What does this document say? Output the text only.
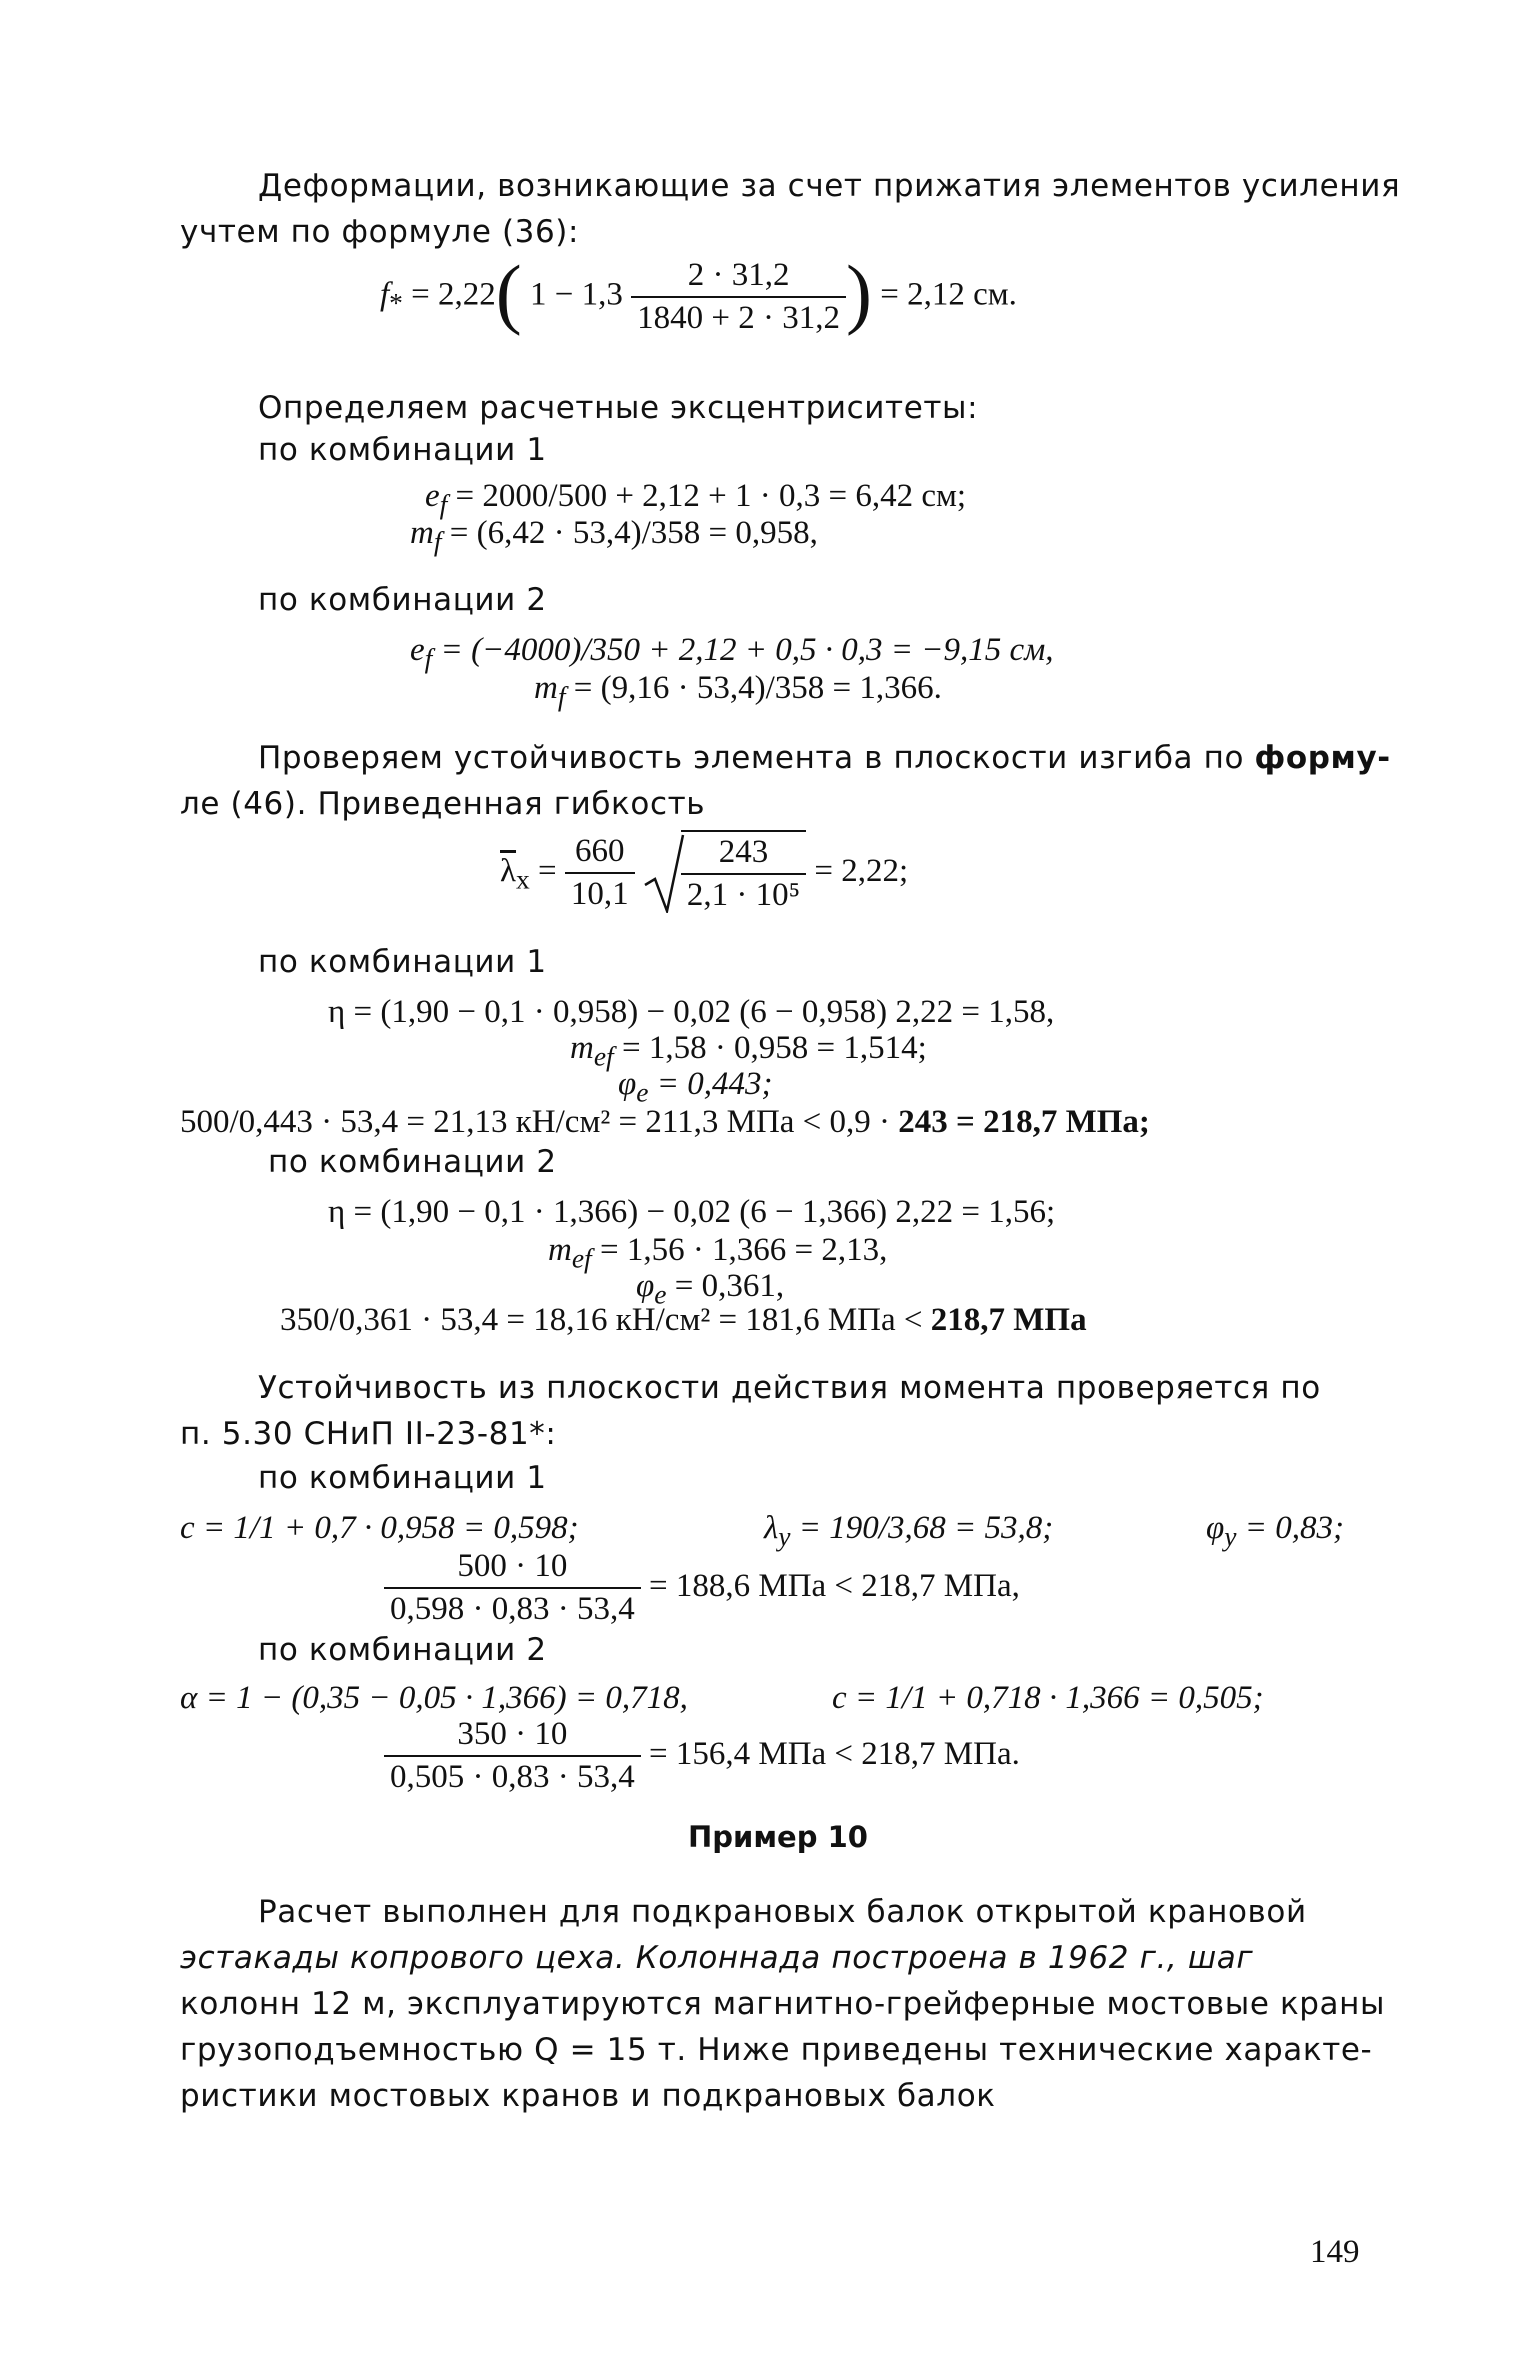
Деформации, возникающие за счет прижатия элементов усиления
учтем по формуле (36):
$f_* = 2,22$( $1 - 1,3 \frac{2 \cdot 31,2}{1840 + 2 \cdot 31,2}$ ) = 2,12 см.
Определяем расчетные эксцентриситеты:
по комбинации 1
$e_f = 2000/500 + 2,12 + 1 \cdot 0,3 = 6,42$ см;
$m_f = (6,42 \cdot 53,4)/358 = 0,958$,
по комбинации 2
$e_f = (-4000)/350 + 2,12 + 0,5 \cdot 0,3 = -9,15$ см,
$m_f = (9,16 \cdot 53,4)/358 = 1,366$.
Проверяем устойчивость элемента в плоскости изгиба по форму-
ле (46). Приведенная гибкость
$\overline{\lambda}_x = \frac{660}{10,1}$
$\frac{243}{\text{2,1 · 10⁵}} = 2,22$;
по комбинации 1
η = (1,90 − 0,1 · 0,958) − 0,02 (6 − 0,958) 2,22 = 1,58,
$m_{ef} = 1,58 \cdot 0,958 = 1,514$;
$\varphi_e = 0,443$;
500/0,443 · 53,4 = 21,13 кН/см² = 211,3 МПа < 0,9 · 243 = 218,7 МПа;
по комбинации 2
η = (1,90 − 0,1 · 1,366) − 0,02 (6 − 1,366) 2,22 = 1,56;
$m_{ef} = 1,56 \cdot 1,366 = 2,13$,
$\varphi_e = 0,361$,
350/0,361 · 53,4 = 18,16 кН/см² = 181,6 МПа < 218,7 МПа
Устойчивость из плоскости действия момента проверяется по
п. 5.30 СНиП II-23-81*:
по комбинации 1
c = 1/1 + 0,7 · 0,958 = 0,598;	$\lambda_y = 190/3,68 = 53,8$;	$\varphi_y = 0,83$;
$\frac{500 \cdot 10}{0,598 \cdot 0,83 \cdot 53,4} = 188,6$ МПа < 218,7 МПа,
по комбинации 2
α = 1 − (0,35 − 0,05 · 1,366) = 0,718,	c = 1/1 + 0,718 · 1,366 = 0,505;
$\frac{350 \cdot 10}{0,505 \cdot 0,83 \cdot 53,4} = 156,4$ МПа < 218,7 МПа.
Пример 10
Расчет выполнен для подкрановых балок открытой крановой
эстакады копрового цеха. Колоннада построена в 1962 г., шаг
колонн 12 м, эксплуатируются магнитно-грейферные мостовые краны
грузоподъемностью Q = 15 т. Ниже приведены технические характе-
ристики мостовых кранов и подкрановых балок
149
